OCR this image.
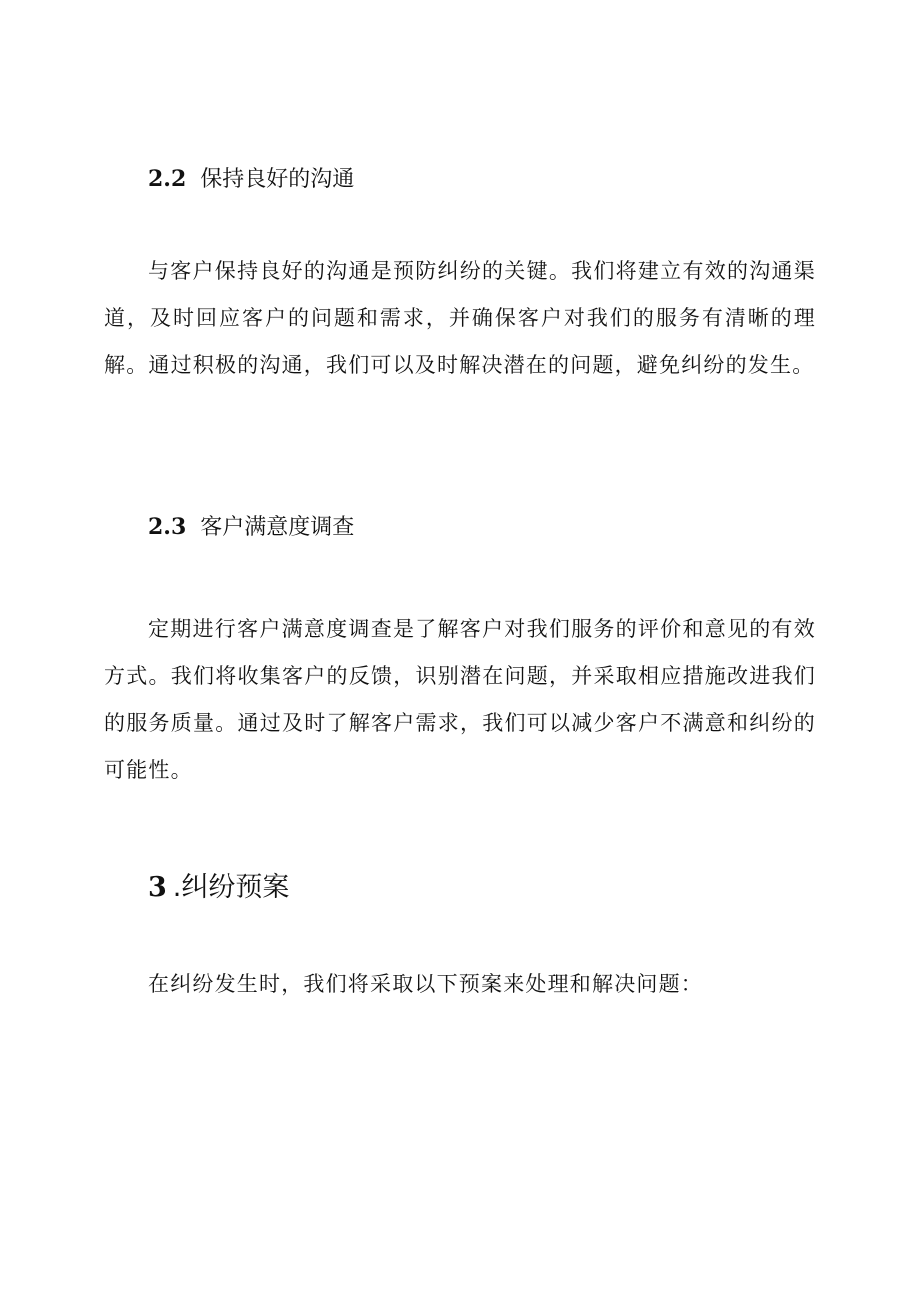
2.2 保持良好的沟通

与客户保持良好的沟通是预防纠纷的关键。我们将建立有效的沟通渠道，及时回应客户的问题和需求，并确保客户对我们的服务有清晰的理解。通过积极的沟通，我们可以及时解决潜在的问题，避免纠纷的发生。

2.3 客户满意度调查

定期进行客户满意度调查是了解客户对我们服务的评价和意见的有效方式。我们将收集客户的反馈，识别潜在问题，并采取相应措施改进我们的服务质量。通过及时了解客户需求，我们可以减少客户不满意和纠纷的可能性。

3 .纠纷预案

在纠纷发生时，我们将采取以下预案来处理和解决问题：
